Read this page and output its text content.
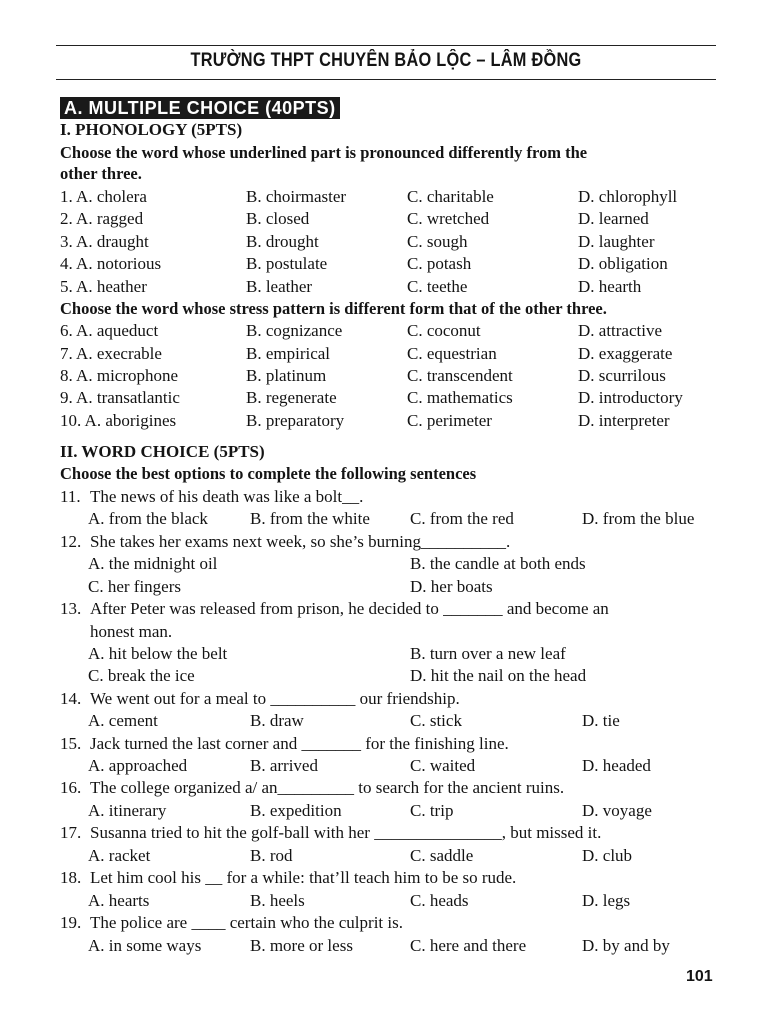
TRƯỜNG THPT CHUYÊN BẢO LỘC – LÂM ĐỒNG
A. MULTIPLE CHOICE (40PTS)
I. PHONOLOGY (5PTS)
Choose the word whose underlined part is pronounced differently from the
other three.
1. A. cholera	B. choirmaster	C. charitable	D. chlorophyll
2. A. ragged	B. closed	C. wretched	D. learned
3. A. draught	B. drought	C. sough	D. laughter
4. A. notorious	B. postulate	C. potash	D. obligation
5. A. heather	B. leather	C. teethe	D. hearth
Choose the word whose stress pattern is different form that of the other three.
6. A. aqueduct	B. cognizance	C. coconut	D. attractive
7. A. execrable	B. empirical	C. equestrian	D. exaggerate
8. A. microphone	B. platinum	C. transcendent	D. scurrilous
9. A. transatlantic	B. regenerate	C. mathematics	D. introductory
10. A. aborigines	B. preparatory	C. perimeter	D. interpreter
II. WORD CHOICE (5PTS)
Choose the best options to complete the following sentences
11. The news of his death was like a bolt__.
A. from the black B. from the white C. from the red	D. from the blue
12. She takes her exams next week, so she’s burning__________.
A. the midnight oil	B. the candle at both ends
C. her fingers	D. her boats
13. After Peter was released from prison, he decided to _______ and become an
honest man.
A. hit below the belt	B. turn over a new leaf
C. break the ice	D. hit the nail on the head
14. We went out for a meal to __________ our friendship.
A. cement	B. draw	C. stick	D. tie
15. Jack turned the last corner and _______ for the finishing line.
A. approached	B. arrived	C. waited	D. headed
16. The college organized a/ an_________ to search for the ancient ruins.
A. itinerary	B. expedition	C. trip	D. voyage
17. Susanna tried to hit the golf-ball with her _______________, but missed it.
A. racket	B. rod	C. saddle	D. club
18. Let him cool his __ for a while: that’ll teach him to be so rude.
A. hearts	B. heels	C. heads	D. legs
19. The police are ____ certain who the culprit is.
A. in some ways	B. more or less	C. here and there	D. by and by
101
